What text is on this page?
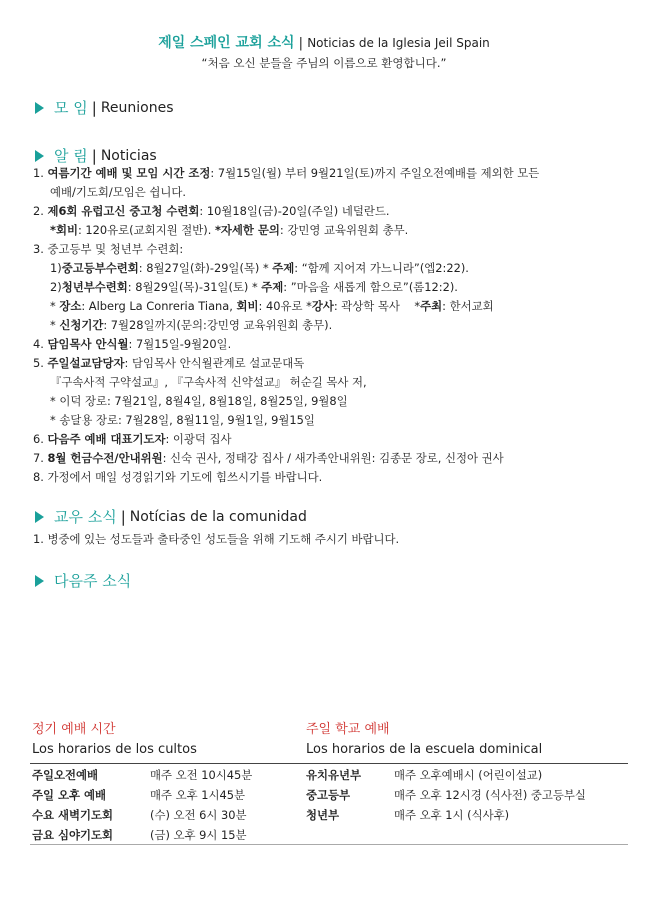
제일 스페인 교회 소식 | Noticias de la Iglesia Jeil Spain
“처음 오신 분들을 주님의 이름으로 환영합니다.”
모 임 | Reuniones
알 림 | Noticias
1. 여름기간 예배 및 모임 시간 조정: 7월15일(월) 부터 9월21일(토)까지 주일오전예배를 제외한 모든
예배/기도회/모임은 쉽니다.
2. 제6회 유럽고신 중고청 수련회: 10월18일(금)-20일(주일) 네덜란드.
*회비: 120유로(교회지원 절반). *자세한 문의: 강민영 교육위원회 총무.
3. 중고등부 및 청년부 수련회:
1)중고등부수련회: 8월27일(화)-29일(목) * 주제: “함께 지어져 가느니라”(엡2:22).
2)청년부수련회: 8월29일(목)-31일(토) * 주제: ”마음을 새롭게 함으로”(롬12:2).
* 장소: Alberg La Conreria Tiana, 회비: 40유로 *강사: 곽상학 목사    *주최: 한서교회
* 신청기간: 7월28일까지(문의:강민영 교육위원회 총무).
4. 담임목사 안식월: 7월15일-9월20일.
5. 주일설교담당자: 담임목사 안식월관계로 설교문대독
『구속사적 구약설교』, 『구속사적 신약설교』 허순길 목사 저,
* 이덕 장로: 7월21일, 8월4일, 8월18일, 8월25일, 9월8일
* 송달용 장로: 7월28일, 8월11일, 9월1일, 9월15일
6. 다음주 예배 대표기도자: 이광덕 집사
7. 8월 헌금수전/안내위원: 신숙 권사, 정태강 집사 / 새가족안내위원: 김종문 장로, 신정아 권사
8. 가정에서 매일 성경읽기와 기도에 힘쓰시기를 바랍니다.
교우 소식 | Notícias de la comunidad
1. 병중에 있는 성도들과 출타중인 성도들을 위해 기도해 주시기 바랍니다.
다음주 소식
정기 예배 시간
Los horarios de los cultos
주일오전예배	매주 오전 10시45분
주일 오후 예배	매주 오후 1시45분
수요 새벽기도회	(수) 오전 6시 30분
금요 심야기도회	(금) 오후 9시 15분
주일 학교 예배
Los horarios de la escuela dominical
유치유년부	매주 오후예배시 (어린이설교)
중고등부	매주 오후 12시경 (식사전) 중고등부실
청년부	매주 오후 1시 (식사후)
